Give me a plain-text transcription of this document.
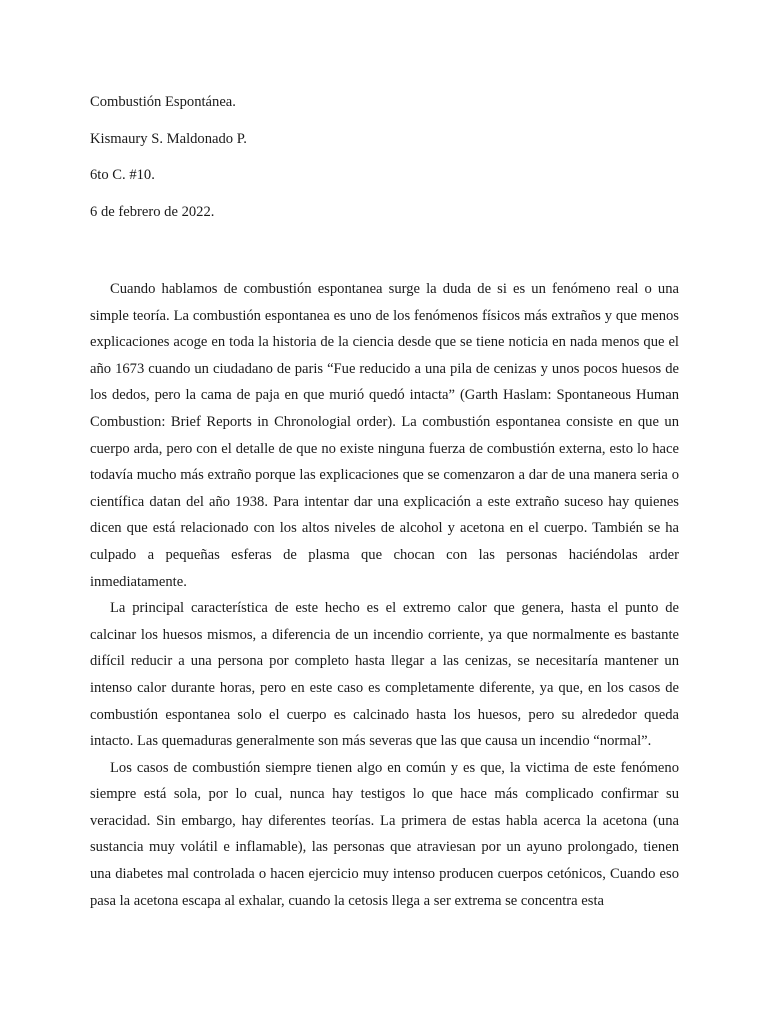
Combustión Espontánea.
Kismaury S. Maldonado P.
6to C. #10.
6 de febrero de 2022.

Cuando hablamos de combustión espontanea surge la duda de si es un fenómeno real o una simple teoría. La combustión espontanea es uno de los fenómenos físicos más extraños y que menos explicaciones acoge en toda la historia de la ciencia desde que se tiene noticia en nada menos que el año 1673 cuando un ciudadano de paris “Fue reducido a una pila de cenizas y unos pocos huesos de los dedos, pero la cama de paja en que murió quedó intacta” (Garth Haslam: Spontaneous Human Combustion: Brief Reports in Chronologial order). La combustión espontanea consiste en que un cuerpo arda, pero con el detalle de que no existe ninguna fuerza de combustión externa, esto lo hace todavía mucho más extraño porque las explicaciones que se comenzaron a dar de una manera seria o científica datan del año 1938. Para intentar dar una explicación a este extraño suceso hay quienes dicen que está relacionado con los altos niveles de alcohol y acetona en el cuerpo. También se ha culpado a pequeñas esferas de plasma que chocan con las personas haciéndolas arder inmediatamente.

La principal característica de este hecho es el extremo calor que genera, hasta el punto de calcinar los huesos mismos, a diferencia de un incendio corriente, ya que normalmente es bastante difícil reducir a una persona por completo hasta llegar a las cenizas, se necesitaría mantener un intenso calor durante horas, pero en este caso es completamente diferente, ya que, en los casos de combustión espontanea solo el cuerpo es calcinado hasta los huesos, pero su alrededor queda intacto. Las quemaduras generalmente son más severas que las que causa un incendio “normal”.

Los casos de combustión siempre tienen algo en común y es que, la victima de este fenómeno siempre está sola, por lo cual, nunca hay testigos lo que hace más complicado confirmar su veracidad. Sin embargo, hay diferentes teorías. La primera de estas habla acerca la acetona (una sustancia muy volátil e inflamable), las personas que atraviesan por un ayuno prolongado, tienen una diabetes mal controlada o hacen ejercicio muy intenso producen cuerpos cetónicos, Cuando eso pasa la acetona escapa al exhalar, cuando la cetosis llega a ser extrema se concentra esta
